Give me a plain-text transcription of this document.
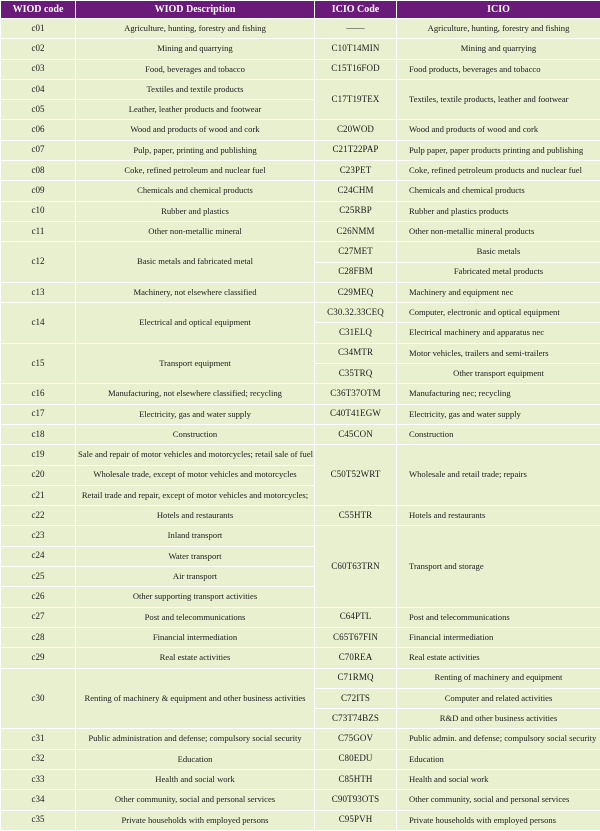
WIOD code	WIOD Description	ICIO Code	ICIO
c01	Agriculture, hunting, forestry and fishing	——	Agriculture, hunting, forestry and fishing
c02	Mining and quarrying	C10T14MIN	Mining and quarrying
c03	Food, beverages and tobacco	C15T16FOD	Food products, beverages and tobacco
c04	Textiles and textile products	C17T19TEX	Textiles, textile products, leather and footwear
c05	Leather, leather products and footwear		
c06	Wood and products of wood and cork	C20WOD	Wood and products of wood and cork
c07	Pulp, paper, printing and publishing	C21T22PAP	Pulp paper, paper products printing and publishing
c08	Coke, refined petroleum and nuclear fuel	C23PET	Coke, refined petroleum products and nuclear fuel
c09	Chemicals and chemical products	C24CHM	Chemicals and chemical products
c10	Rubber and plastics	C25RBP	Rubber and plastics products
c11	Other non-metallic mineral	C26NMM	Other non-metallic mineral products
c12	Basic metals and fabricated metal	C27MET	Basic metals
		C28FBM	Fabricated metal products
c13	Machinery, not elsewhere classified	C29MEQ	Machinery and equipment nec
c14	Electrical and optical equipment	C30.32.33CEQ	Computer, electronic and optical equipment
		C31ELQ	Electrical machinery and apparatus nec
c15	Transport equipment	C34MTR	Motor vehicles, trailers and semi-trailers
		C35TRQ	Other transport equipment
c16	Manufacturing, not elsewhere classified; recycling	C36T37OTM	Manufacturing nec; recycling
c17	Electricity, gas and water supply	C40T41EGW	Electricity, gas and water supply
c18	Construction	C45CON	Construction
c19	Sale and repair of motor vehicles and motorcycles; retail sale of fuel	C50T52WRT	Wholesale and retail trade; repairs
c20	Wholesale trade, except of motor vehicles and motorcycles		
c21	Retail trade and repair, except of motor vehicles and motorcycles;		
c22	Hotels and restaurants	C55HTR	Hotels and restaurants
c23	Inland transport	C60T63TRN	Transport and storage
c24	Water transport		
c25	Air transport		
c26	Other supporting transport activities		
c27	Post and telecommunications	C64PTL	Post and telecommunications
c28	Financial intermediation	C65T67FIN	Financial intermediation
c29	Real estate activities	C70REA	Real estate activities
c30	Renting of machinery & equipment and other business activities	C71RMQ	Renting of machinery and equipment
		C72ITS	Computer and related activities
		C73T74BZS	R&D and other business activities
c31	Public administration and defense; compulsory social security	C75GOV	Public admin. and defense; compulsory social security
c32	Education	C80EDU	Education
c33	Health and social work	C85HTH	Health and social work
c34	Other community, social and personal services	C90T93OTS	Other community, social and personal services
c35	Private households with employed persons	C95PVH	Private households with employed persons
